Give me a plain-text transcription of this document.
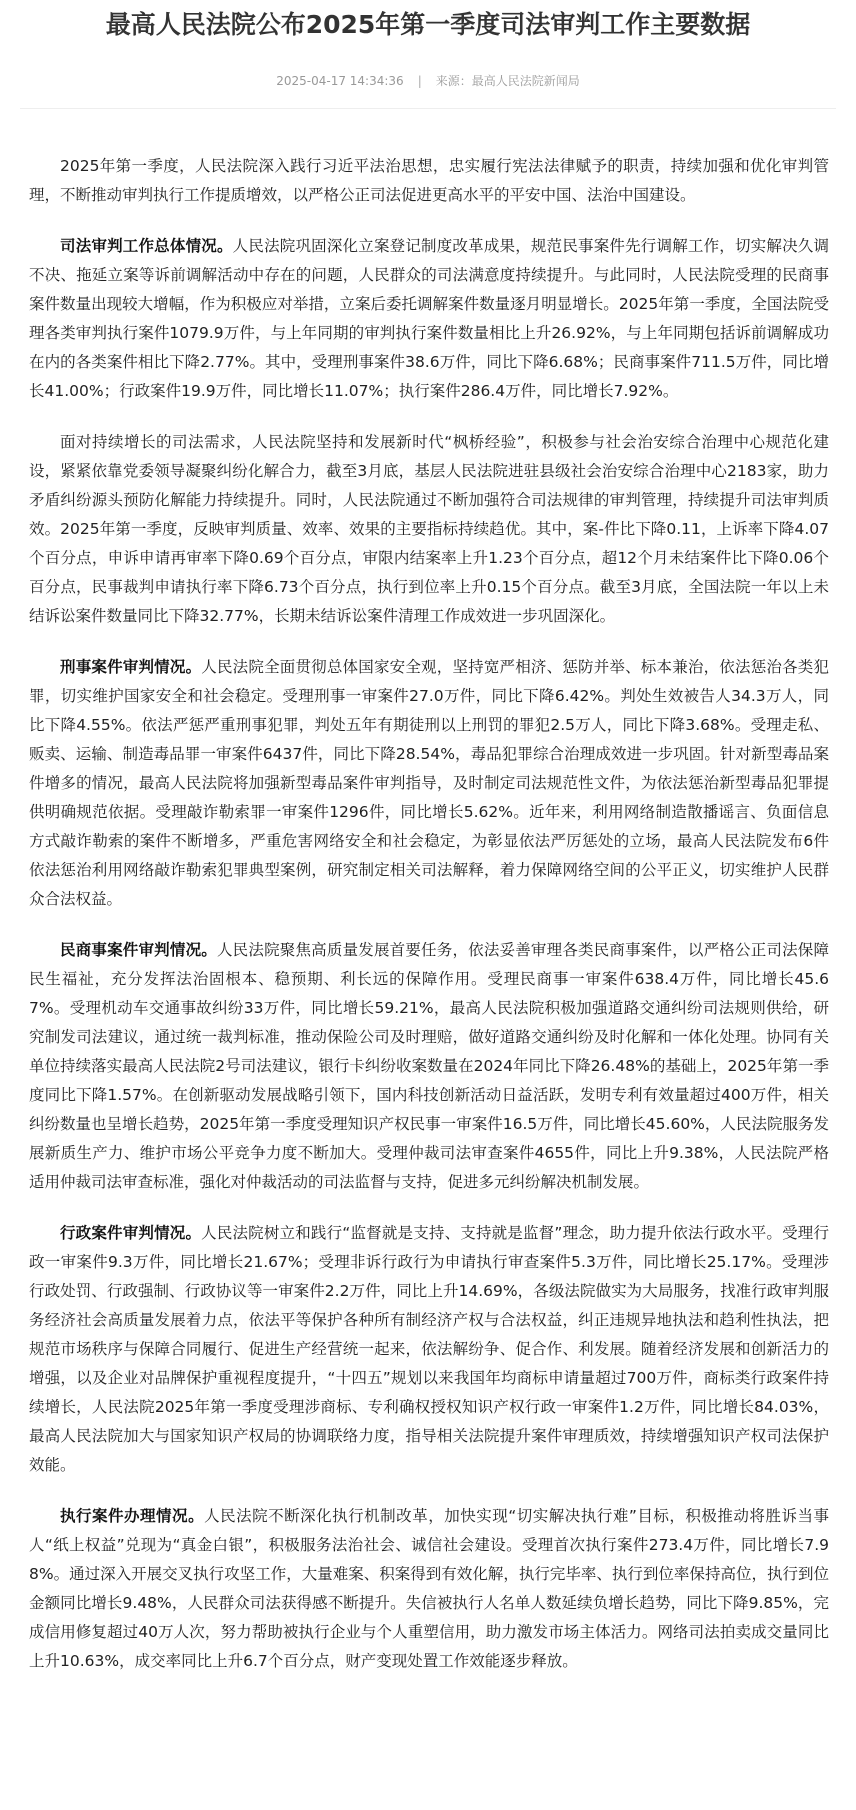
最高人民法院公布2025年第一季度司法审判工作主要数据
2025-04-17 14:34:36 | 来源：最高人民法院新闻局

2025年第一季度，人民法院深入践行习近平法治思想，忠实履行宪法法律赋予的职责，持续加强和优化审判管理，不断推动审判执行工作提质增效，以严格公正司法促进更高水平的平安中国、法治中国建设。

司法审判工作总体情况。人民法院巩固深化立案登记制度改革成果，规范民事案件先行调解工作，切实解决久调不决、拖延立案等诉前调解活动中存在的问题，人民群众的司法满意度持续提升。与此同时，人民法院受理的民商事案件数量出现较大增幅，作为积极应对举措，立案后委托调解案件数量逐月明显增长。2025年第一季度，全国法院受理各类审判执行案件1079.9万件，与上年同期的审判执行案件数量相比上升26.92%，与上年同期包括诉前调解成功在内的各类案件相比下降2.77%。其中，受理刑事案件38.6万件，同比下降6.68%；民商事案件711.5万件，同比增长41.00%；行政案件19.9万件，同比增长11.07%；执行案件286.4万件，同比增长7.92%。

面对持续增长的司法需求，人民法院坚持和发展新时代“枫桥经验”，积极参与社会治安综合治理中心规范化建设，紧紧依靠党委领导凝聚纠纷化解合力，截至3月底，基层人民法院进驻县级社会治安综合治理中心2183家，助力矛盾纠纷源头预防化解能力持续提升。同时，人民法院通过不断加强符合司法规律的审判管理，持续提升司法审判质效。2025年第一季度，反映审判质量、效率、效果的主要指标持续趋优。其中，案-件比下降0.11，上诉率下降4.07个百分点，申诉申请再审率下降0.69个百分点，审限内结案率上升1.23个百分点，超12个月未结案件比下降0.06个百分点，民事裁判申请执行率下降6.73个百分点，执行到位率上升0.15个百分点。截至3月底，全国法院一年以上未结诉讼案件数量同比下降32.77%，长期未结诉讼案件清理工作成效进一步巩固深化。

刑事案件审判情况。人民法院全面贯彻总体国家安全观，坚持宽严相济、惩防并举、标本兼治，依法惩治各类犯罪，切实维护国家安全和社会稳定。受理刑事一审案件27.0万件，同比下降6.42%。判处生效被告人34.3万人，同比下降4.55%。依法严惩严重刑事犯罪，判处五年有期徒刑以上刑罚的罪犯2.5万人，同比下降3.68%。受理走私、贩卖、运输、制造毒品罪一审案件6437件，同比下降28.54%，毒品犯罪综合治理成效进一步巩固。针对新型毒品案件增多的情况，最高人民法院将加强新型毒品案件审判指导，及时制定司法规范性文件，为依法惩治新型毒品犯罪提供明确规范依据。受理敲诈勒索罪一审案件1296件，同比增长5.62%。近年来，利用网络制造散播谣言、负面信息方式敲诈勒索的案件不断增多，严重危害网络安全和社会稳定，为彰显依法严厉惩处的立场，最高人民法院发布6件依法惩治利用网络敲诈勒索犯罪典型案例，研究制定相关司法解释，着力保障网络空间的公平正义，切实维护人民群众合法权益。

民商事案件审判情况。人民法院聚焦高质量发展首要任务，依法妥善审理各类民商事案件，以严格公正司法保障民生福祉，充分发挥法治固根本、稳预期、利长远的保障作用。受理民商事一审案件638.4万件，同比增长45.67%。受理机动车交通事故纠纷33万件，同比增长59.21%，最高人民法院积极加强道路交通纠纷司法规则供给，研究制发司法建议，通过统一裁判标准，推动保险公司及时理赔，做好道路交通纠纷及时化解和一体化处理。协同有关单位持续落实最高人民法院2号司法建议，银行卡纠纷收案数量在2024年同比下降26.48%的基础上，2025年第一季度同比下降1.57%。在创新驱动发展战略引领下，国内科技创新活动日益活跃，发明专利有效量超过400万件，相关纠纷数量也呈增长趋势，2025年第一季度受理知识产权民事一审案件16.5万件，同比增长45.60%，人民法院服务发展新质生产力、维护市场公平竞争力度不断加大。受理仲裁司法审查案件4655件，同比上升9.38%，人民法院严格适用仲裁司法审查标准，强化对仲裁活动的司法监督与支持，促进多元纠纷解决机制发展。

行政案件审判情况。人民法院树立和践行“监督就是支持、支持就是监督”理念，助力提升依法行政水平。受理行政一审案件9.3万件，同比增长21.67%；受理非诉行政行为申请执行审查案件5.3万件，同比增长25.17%。受理涉行政处罚、行政强制、行政协议等一审案件2.2万件，同比上升14.69%，各级法院做实为大局服务，找准行政审判服务经济社会高质量发展着力点，依法平等保护各种所有制经济产权与合法权益，纠正违规异地执法和趋利性执法，把规范市场秩序与保障合同履行、促进生产经营统一起来，依法解纷争、促合作、利发展。随着经济发展和创新活力的增强，以及企业对品牌保护重视程度提升，“十四五”规划以来我国年均商标申请量超过700万件，商标类行政案件持续增长，人民法院2025年第一季度受理涉商标、专利确权授权知识产权行政一审案件1.2万件，同比增长84.03%，最高人民法院加大与国家知识产权局的协调联络力度，指导相关法院提升案件审理质效，持续增强知识产权司法保护效能。

执行案件办理情况。人民法院不断深化执行机制改革，加快实现“切实解决执行难”目标，积极推动将胜诉当事人“纸上权益”兑现为“真金白银”，积极服务法治社会、诚信社会建设。受理首次执行案件273.4万件，同比增长7.98%。通过深入开展交叉执行攻坚工作，大量难案、积案得到有效化解，执行完毕率、执行到位率保持高位，执行到位金额同比增长9.48%，人民群众司法获得感不断提升。失信被执行人名单人数延续负增长趋势，同比下降9.85%，完成信用修复超过40万人次，努力帮助被执行企业与个人重塑信用，助力激发市场主体活力。网络司法拍卖成交量同比上升10.63%，成交率同比上升6.7个百分点，财产变现处置工作效能逐步释放。
